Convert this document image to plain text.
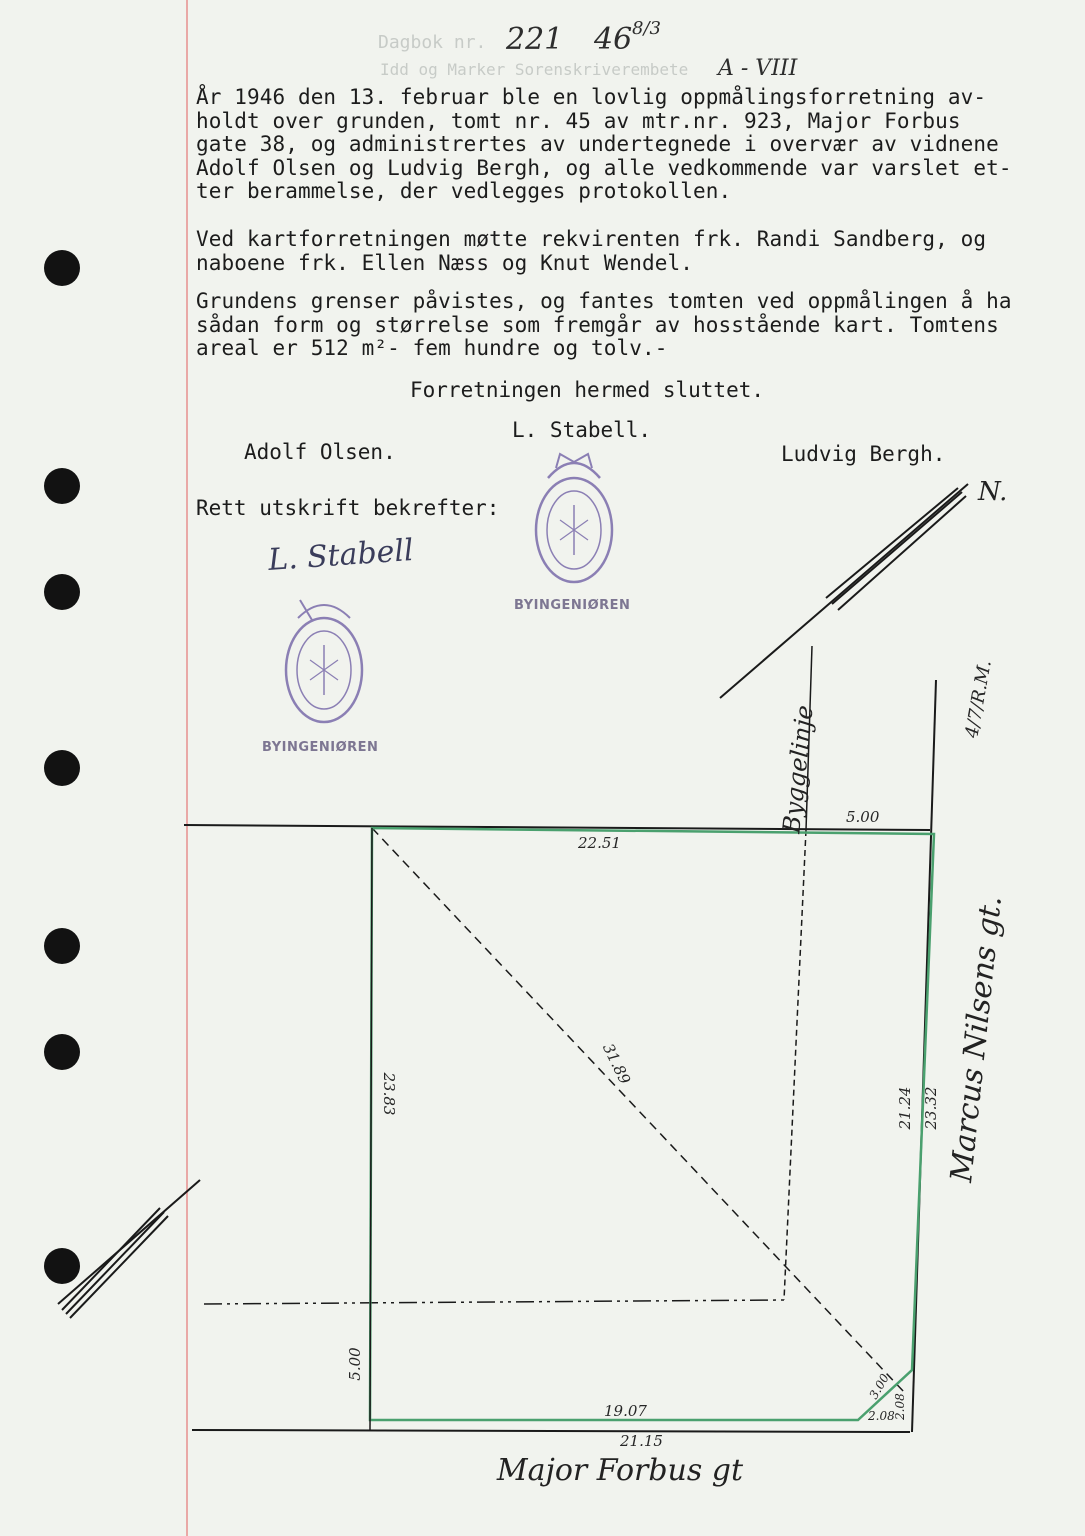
Dagbok nr.
Idd og Marker Sorenskriverembete
221 46 8/3
A - VIII
År 1946 den 13. februar ble en lovlig oppmålingsforretning av-
holdt over grunden, tomt nr. 45 av mtr.nr. 923, Major Forbus
gate 38, og administrertes av undertegnede i overvær av vidnene
Adolf Olsen og Ludvig Bergh, og alle vedkommende var varslet et-
ter berammelse, der vedlegges protokollen.
Ved kartforretningen møtte rekvirenten frk. Randi Sandberg, og
naboene frk. Ellen Næss og Knut Wendel.
Grundens grenser påvistes, og fantes tomten ved oppmålingen å ha
sådan form og størrelse som fremgår av hosstående kart. Tomtens
areal er 512 m²- fem hundre og tolv.-
Forretningen hermed sluttet.
L. Stabell.
Adolf Olsen.	Ludvig Bergh.
Rett utskrift bekrefter:
L. Stabell
BYINGENIØREN
BYINGENIØREN
N.
22.51
5.00
23.83
5.00
31.89
21.24 23.32
19.07
21.15
3.00
2.08
2.08
Byggelinje
4/7/R.M.
Marcus Nilsens gt.
Major Forbus gt
